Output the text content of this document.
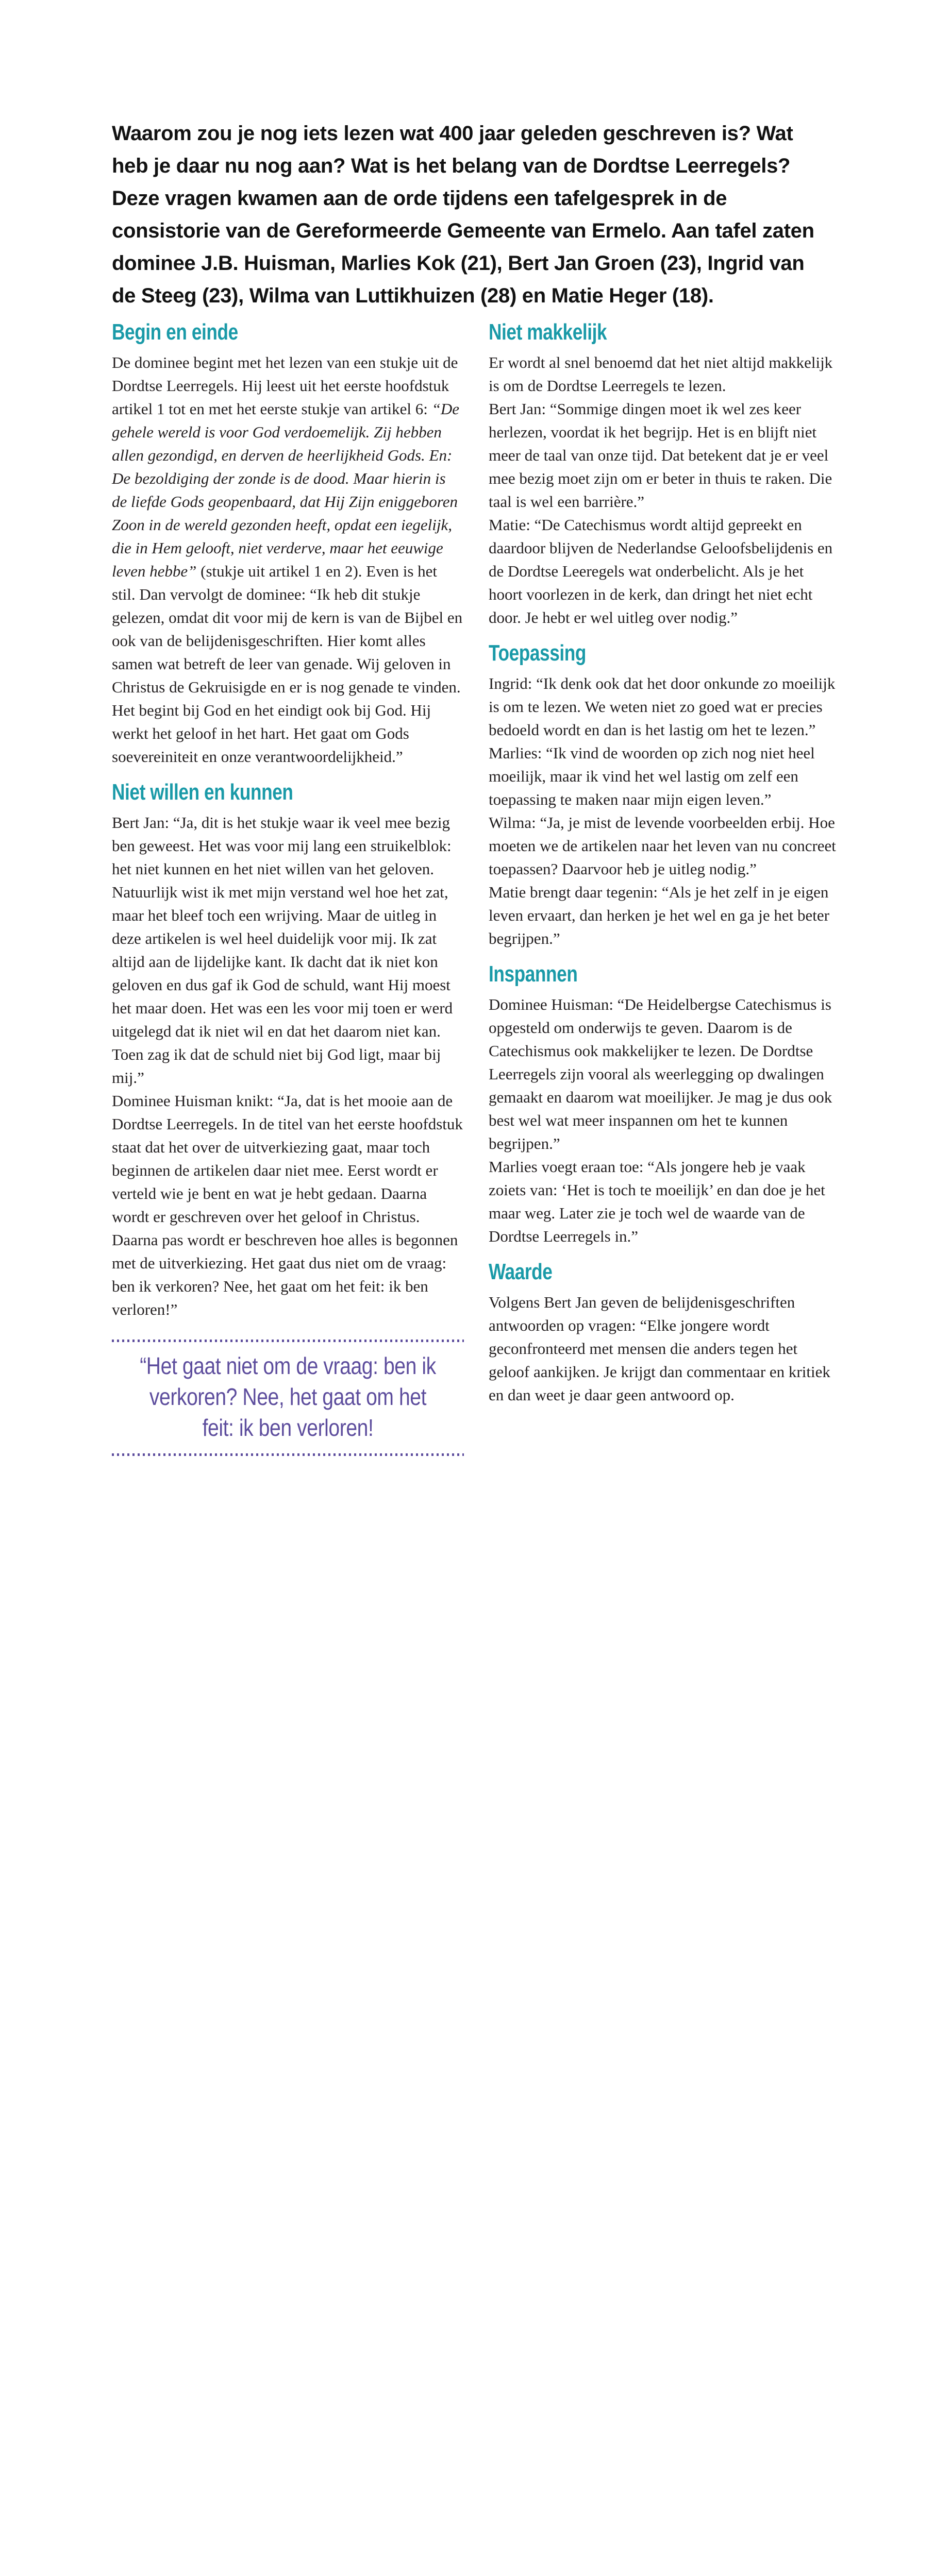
Waarom zou je nog iets lezen wat 400 jaar geleden geschreven is? Wat heb je daar nu nog aan? Wat is het belang van de Dordtse Leerregels? Deze vragen kwamen aan de orde tijdens een tafelgesprek in de consistorie van de Gereformeerde Gemeente van Ermelo. Aan tafel zaten dominee J.B. Huisman, Marlies Kok (21), Bert Jan Groen (23), Ingrid van de Steeg (23), Wilma van Luttikhuizen (28) en Matie Heger (18).

Begin en einde

De dominee begint met het lezen van een stukje uit de Dordtse Leerregels. Hij leest uit het eerste hoofdstuk artikel 1 tot en met het eerste stukje van artikel 6: “De gehele wereld is voor God verdoemelijk. Zij hebben allen gezondigd, en derven de heerlijkheid Gods. En: De bezoldiging der zonde is de dood. Maar hierin is de liefde Gods geopenbaard, dat Hij Zijn eniggeboren Zoon in de wereld gezonden heeft, opdat een iegelijk, die in Hem gelooft, niet verderve, maar het eeuwige leven hebbe” (stukje uit artikel 1 en 2). Even is het stil. Dan vervolgt de dominee: “Ik heb dit stukje gelezen, omdat dit voor mij de kern is van de Bijbel en ook van de belijdenisgeschriften. Hier komt alles samen wat betreft de leer van genade. Wij geloven in Christus de Gekruisigde en er is nog genade te vinden. Het begint bij God en het eindigt ook bij God. Hij werkt het geloof in het hart. Het gaat om Gods soevereiniteit en onze verantwoordelijkheid.”

Niet willen en kunnen

Bert Jan: “Ja, dit is het stukje waar ik veel mee bezig ben geweest. Het was voor mij lang een struikelblok: het niet kunnen en het niet willen van het geloven. Natuurlijk wist ik met mijn verstand wel hoe het zat, maar het bleef toch een wrijving. Maar de uitleg in deze artikelen is wel heel duidelijk voor mij. Ik zat altijd aan de lijdelijke kant. Ik dacht dat ik niet kon geloven en dus gaf ik God de schuld, want Hij moest het maar doen. Het was een les voor mij toen er werd uitgelegd dat ik niet wil en dat het daarom niet kan. Toen zag ik dat de schuld niet bij God ligt, maar bij mij.”

Dominee Huisman knikt: “Ja, dat is het mooie aan de Dordtse Leerregels. In de titel van het eerste hoofdstuk staat dat het over de uitverkiezing gaat, maar toch beginnen de artikelen daar niet mee. Eerst wordt er verteld wie je bent en wat je hebt gedaan. Daarna wordt er geschreven over het geloof in Christus. Daarna pas wordt er beschreven hoe alles is begonnen met de uitverkiezing. Het gaat dus niet om de vraag: ben ik verkoren? Nee, het gaat om het feit: ik ben verloren!”

“Het gaat niet om de vraag: ben ik verkoren? Nee, het gaat om het feit: ik ben verloren!

Niet makkelijk

Er wordt al snel benoemd dat het niet altijd makkelijk is om de Dordtse Leerregels te lezen.

Bert Jan: “Sommige dingen moet ik wel zes keer herlezen, voordat ik het begrijp. Het is en blijft niet meer de taal van onze tijd. Dat betekent dat je er veel mee bezig moet zijn om er beter in thuis te raken. Die taal is wel een barrière.”

Matie: “De Catechismus wordt altijd gepreekt en daardoor blijven de Nederlandse Geloofsbelijdenis en de Dordtse Leeregels wat onderbelicht. Als je het hoort voorlezen in de kerk, dan dringt het niet echt door. Je hebt er wel uitleg over nodig.”

Toepassing

Ingrid: “Ik denk ook dat het door onkunde zo moeilijk is om te lezen. We weten niet zo goed wat er precies bedoeld wordt en dan is het lastig om het te lezen.”

Marlies: “Ik vind de woorden op zich nog niet heel moeilijk, maar ik vind het wel lastig om zelf een toepassing te maken naar mijn eigen leven.”

Wilma: “Ja, je mist de levende voorbeelden erbij. Hoe moeten we de artikelen naar het leven van nu concreet toepassen? Daarvoor heb je uitleg nodig.”

Matie brengt daar tegenin: “Als je het zelf in je eigen leven ervaart, dan herken je het wel en ga je het beter begrijpen.”

Inspannen

Dominee Huisman: “De Heidelbergse Catechismus is opgesteld om onderwijs te geven. Daarom is de Catechismus ook makkelijker te lezen. De Dordtse Leerregels zijn vooral als weerlegging op dwalingen gemaakt en daarom wat moeilijker. Je mag je dus ook best wel wat meer inspannen om het te kunnen begrijpen.”

Marlies voegt eraan toe: “Als jongere heb je vaak zoiets van: ‘Het is toch te moeilijk’ en dan doe je het maar weg. Later zie je toch wel de waarde van de Dordtse Leerregels in.”

Waarde

Volgens Bert Jan geven de belijdenisgeschriften antwoorden op vragen: “Elke jongere wordt geconfronteerd met mensen die anders tegen het geloof aankijken. Je krijgt dan commentaar en kritiek en dan weet je daar geen antwoord op.
